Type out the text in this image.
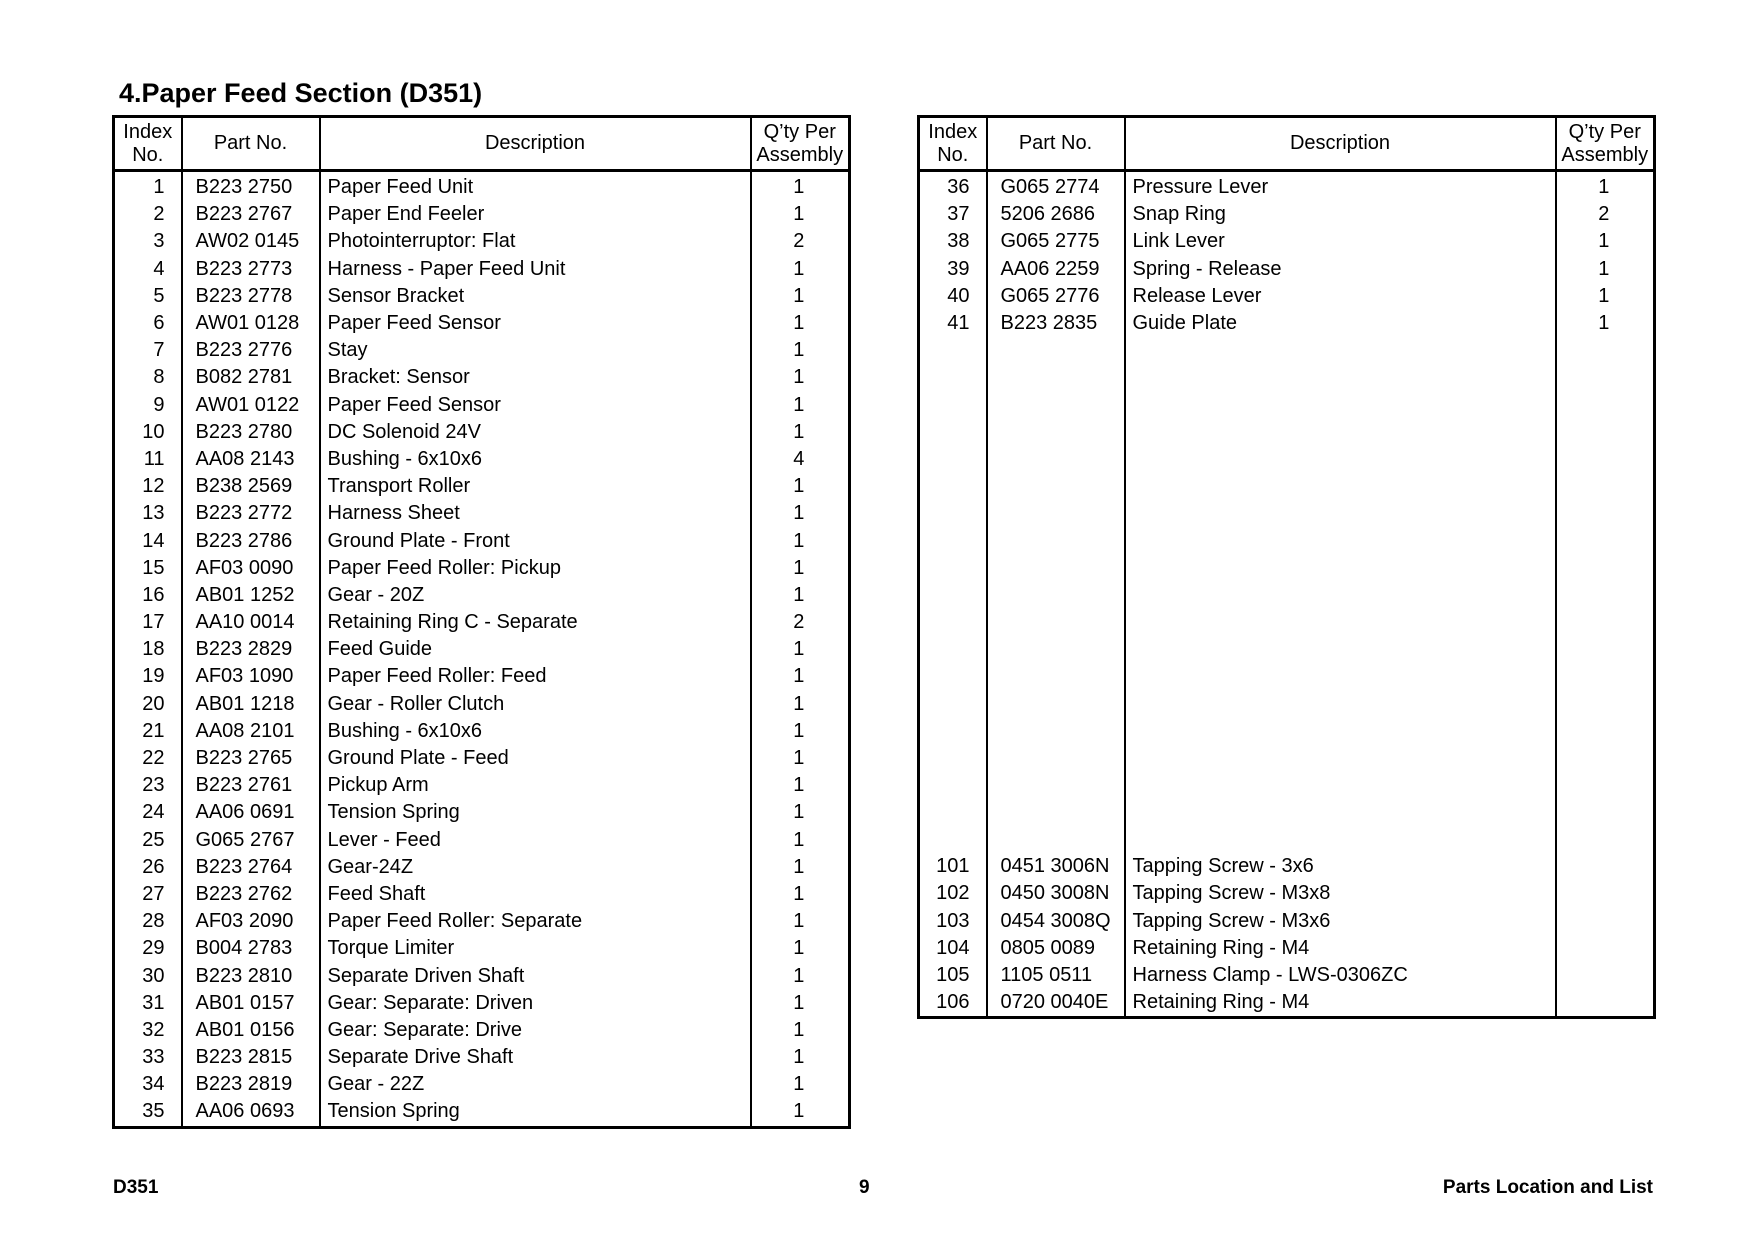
4.Paper Feed Section (D351)
Index
No.	Part No.	Description	Q’ty Per
Assembly
1	B223 2750	Paper Feed Unit	1
2	B223 2767	Paper End Feeler	1
3	AW02 0145	Photointerruptor: Flat	2
4	B223 2773	Harness - Paper Feed Unit	1
5	B223 2778	Sensor Bracket	1
6	AW01 0128	Paper Feed Sensor	1
7	B223 2776	Stay	1
8	B082 2781	Bracket: Sensor	1
9	AW01 0122	Paper Feed Sensor	1
10	B223 2780	DC Solenoid 24V	1
11	AA08 2143	Bushing - 6x10x6	4
12	B238 2569	Transport Roller	1
13	B223 2772	Harness Sheet	1
14	B223 2786	Ground Plate - Front	1
15	AF03 0090	Paper Feed Roller: Pickup	1
16	AB01 1252	Gear - 20Z	1
17	AA10 0014	Retaining Ring C - Separate	2
18	B223 2829	Feed Guide	1
19	AF03 1090	Paper Feed Roller: Feed	1
20	AB01 1218	Gear - Roller Clutch	1
21	AA08 2101	Bushing - 6x10x6	1
22	B223 2765	Ground Plate - Feed	1
23	B223 2761	Pickup Arm	1
24	AA06 0691	Tension Spring	1
25	G065 2767	Lever - Feed	1
26	B223 2764	Gear-24Z	1
27	B223 2762	Feed Shaft	1
28	AF03 2090	Paper Feed Roller: Separate	1
29	B004 2783	Torque Limiter	1
30	B223 2810	Separate Driven Shaft	1
31	AB01 0157	Gear: Separate: Driven	1
32	AB01 0156	Gear: Separate: Drive	1
33	B223 2815	Separate Drive Shaft	1
34	B223 2819	Gear - 22Z	1
35	AA06 0693	Tension Spring	1
Index
No.	Part No.	Description	Q’ty Per
Assembly
36	G065 2774	Pressure Lever	1
37	5206 2686	Snap Ring	2
38	G065 2775	Link Lever	1
39	AA06 2259	Spring - Release	1
40	G065 2776	Release Lever	1
41	B223 2835	Guide Plate	1

101	0451 3006N	Tapping Screw - 3x6	
102	0450 3008N	Tapping Screw - M3x8	
103	0454 3008Q	Tapping Screw - M3x6	
104	0805 0089	Retaining Ring - M4	
105	1105 0511	Harness Clamp - LWS-0306ZC	
106	0720 0040E	Retaining Ring - M4	

D351	9	Parts Location and List
